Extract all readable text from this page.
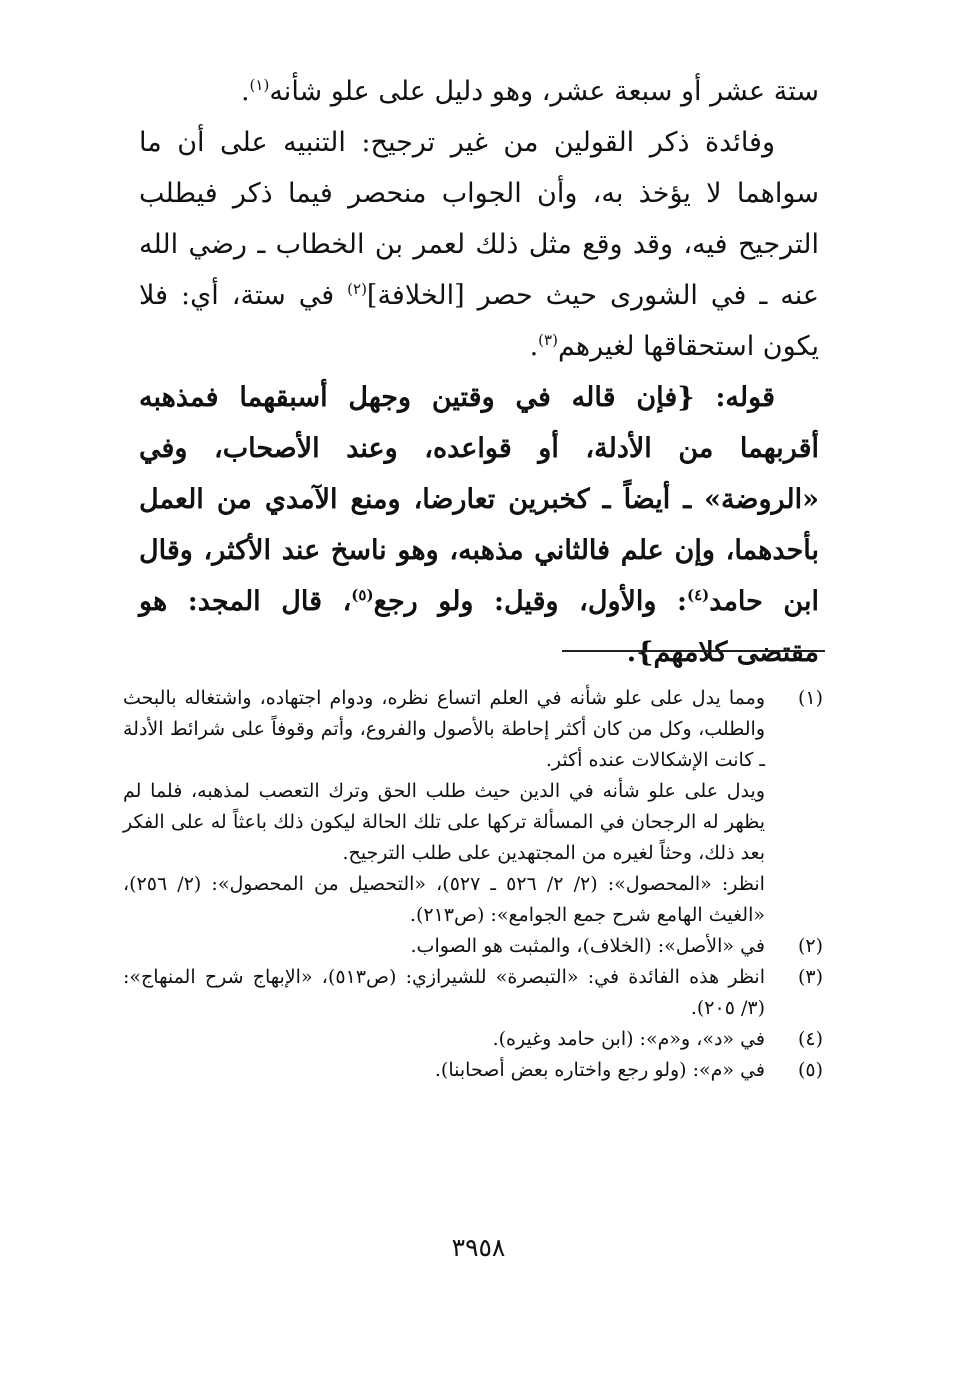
ستة عشر أو سبعة عشر، وهو دليل على علو شأنه$^{(١)}$.

وفائدة ذكر القولين من غير ترجيح: التنبيه على أن ما سواهما لا يؤخذ به، وأن الجواب منحصر فيما ذكر فيطلب الترجيح فيه، وقد وقع مثل ذلك لعمر بن الخطاب ـ رضي الله عنه ـ في الشورى حيث حصر [الخلافة]$^{(٢)}$ في ستة، أي: فلا يكون استحقاقها لغيرهم$^{(٣)}$.

قوله: {فإن قاله في وقتين وجهل أسبقهما فمذهبه أقربهما من الأدلة، أو قواعده، وعند الأصحاب، وفي «الروضة» ـ أيضاً ـ كخبرين تعارضا، ومنع الآمدي من العمل بأحدهما، وإن علم فالثاني مذهبه، وهو ناسخ عند الأكثر، وقال ابن حامد$^{(٤)}$: والأول، وقيل: ولو رجع$^{(٥)}$، قال المجد: هو مقتضى كلامهم}.

(١)

ومما يدل على علو شأنه في العلم اتساع نظره، ودوام اجتهاده، واشتغاله بالبحث والطلب، وكل من كان أكثر إحاطة بالأصول والفروع، وأتم وقوفاً على شرائط الأدلة ـ كانت الإشكالات عنده أكثر.

ويدل على علو شأنه في الدين حيث طلب الحق وترك التعصب لمذهبه، فلما لم يظهر له الرجحان في المسألة تركها على تلك الحالة ليكون ذلك باعثاً له على الفكر بعد ذلك، وحثاً لغيره من المجتهدين على طلب الترجيح.

انظر: «المحصول»: (٢/ ٢/ ٥٢٦ ـ ٥٢٧)، «التحصيل من المحصول»: (٢/ ٢٥٦)، «الغيث الهامع شرح جمع الجوامع»: (ص٢١٣).

(٢)

في «الأصل»: (الخلاف)، والمثبت هو الصواب.

(٣)

انظر هذه الفائدة في: «التبصرة» للشيرازي: (ص٥١٣)، «الإبهاج شرح المنهاج»: (٣/ ٢٠٥).

(٤)

في «د»، و«م»: (ابن حامد وغيره).

(٥)

في «م»: (ولو رجع واختاره بعض أصحابنا).

٣٩٥٨
